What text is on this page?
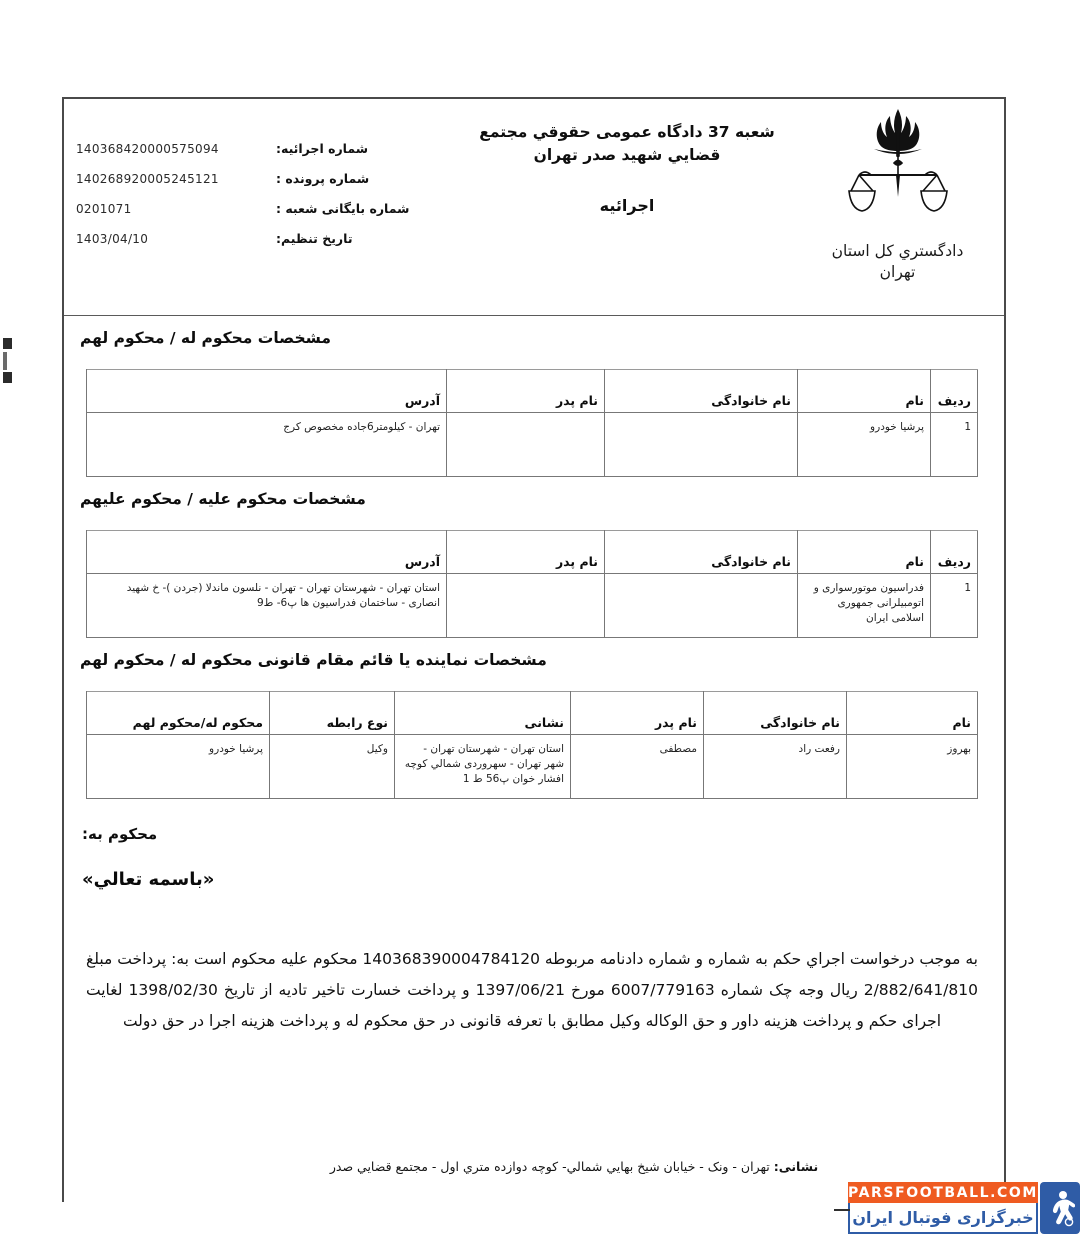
دادگستري كل استان
تهران
شعبه 37 دادگاه عمومی حقوقي مجتمع
قضايي شهيد صدر تهران
اجرائیه
شماره اجرائیه:
140368420000575094
شماره پرونده :
140268920005245121
شماره بایگانی شعبه :
0201071
تاریخ تنظیم:
1403/04/10
مشخصات محکوم له / محکوم لهم
ردیف	نام	نام خانوادگی	نام پدر	آدرس
1	پرشیا خودرو			تهران - کیلومتر6جاده مخصوص کرج
مشخصات محکوم علیه / محکوم علیهم
ردیف	نام	نام خانوادگی	نام پدر	آدرس
1	فدراسیون موتورسواری و اتومبیلرانی جمهوری اسلامی ایران			استان تهران - شهرستان تهران - تهران - نلسون ماندلا (جردن )- خ شهید انصاری - ساختمان فدراسیون ها پ6- ط9
مشخصات نماینده یا قائم مقام قانونی محکوم له / محکوم لهم
نام	نام خانوادگی	نام پدر	نشانی	نوع رابطه	محکوم له/محکوم لهم
بهروز	رفعت راد	مصطفی	استان تهران - شهرستان تهران - شهر تهران - سهروردی شمالي کوچه افشار خوان پ56 ط 1	وکیل	پرشیا خودرو
محکوم به:
«باسمه تعالي»
به موجب درخواست اجراي حکم به شماره و شماره دادنامه مربوطه 140368390004784120 محکوم علیه محکوم است به: پرداخت مبلغ 2/882/641/810 ریال وجه چک شماره 6007/779163 مورخ 1397/06/21 و پرداخت خسارت تاخیر تادیه از تاریخ 1398/02/30 لغایت اجرای حکم و پرداخت هزینه داور و حق الوکاله وکیل مطابق با تعرفه قانونی در حق محکوم له و پرداخت هزینه اجرا در حق دولت
نشانی: تهران - ونک - خیابان شیخ بهایي شمالي- کوچه دوازده متري اول - مجتمع قضایي صدر
PARSFOOTBALL.COM
خبرگزاری فوتبال ایران
